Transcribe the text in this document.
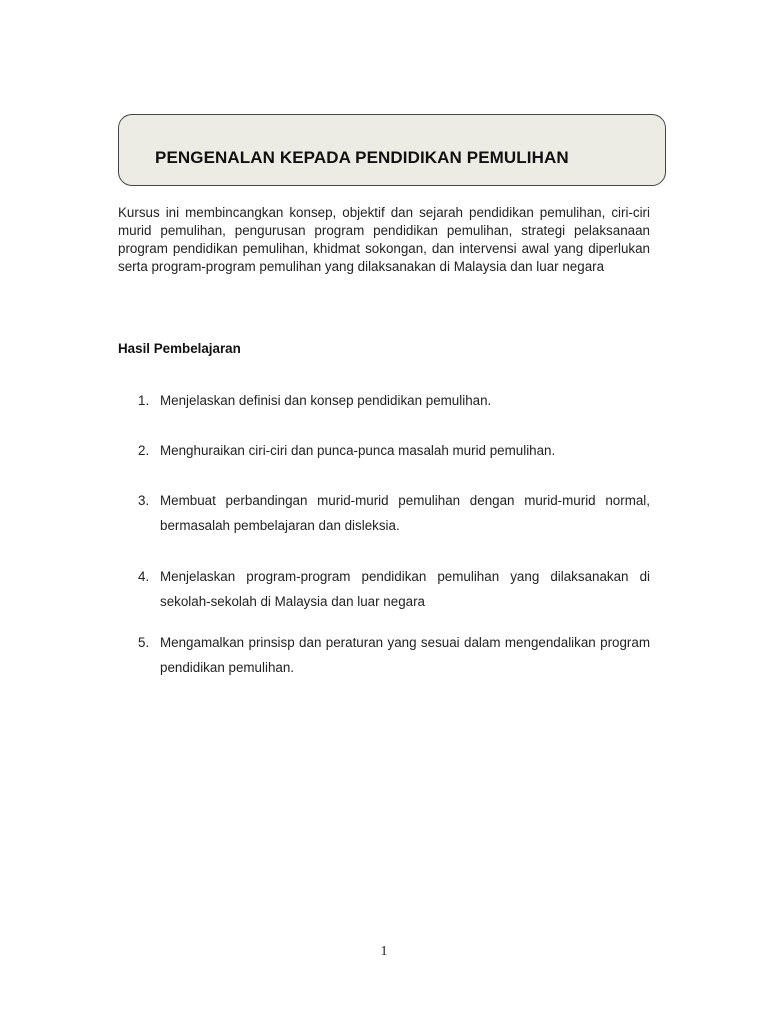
PENGENALAN KEPADA PENDIDIKAN PEMULIHAN

Kursus ini membincangkan konsep, objektif dan sejarah pendidikan pemulihan, ciri-ciri murid pemulihan, pengurusan program pendidikan pemulihan, strategi pelaksanaan program pendidikan pemulihan, khidmat sokongan, dan intervensi awal yang diperlukan serta program-program pemulihan yang dilaksanakan di Malaysia dan luar negara

Hasil Pembelajaran
1. Menjelaskan definisi dan konsep pendidikan pemulihan.
2. Menghuraikan ciri-ciri dan punca-punca masalah murid pemulihan.
3. Membuat perbandingan murid-murid pemulihan dengan murid-murid normal, bermasalah pembelajaran dan disleksia.
4. Menjelaskan program-program pendidikan pemulihan yang dilaksanakan di sekolah-sekolah di Malaysia dan luar negara
5. Mengamalkan prinsisp dan peraturan yang sesuai dalam mengendalikan program pendidikan pemulihan.
1
